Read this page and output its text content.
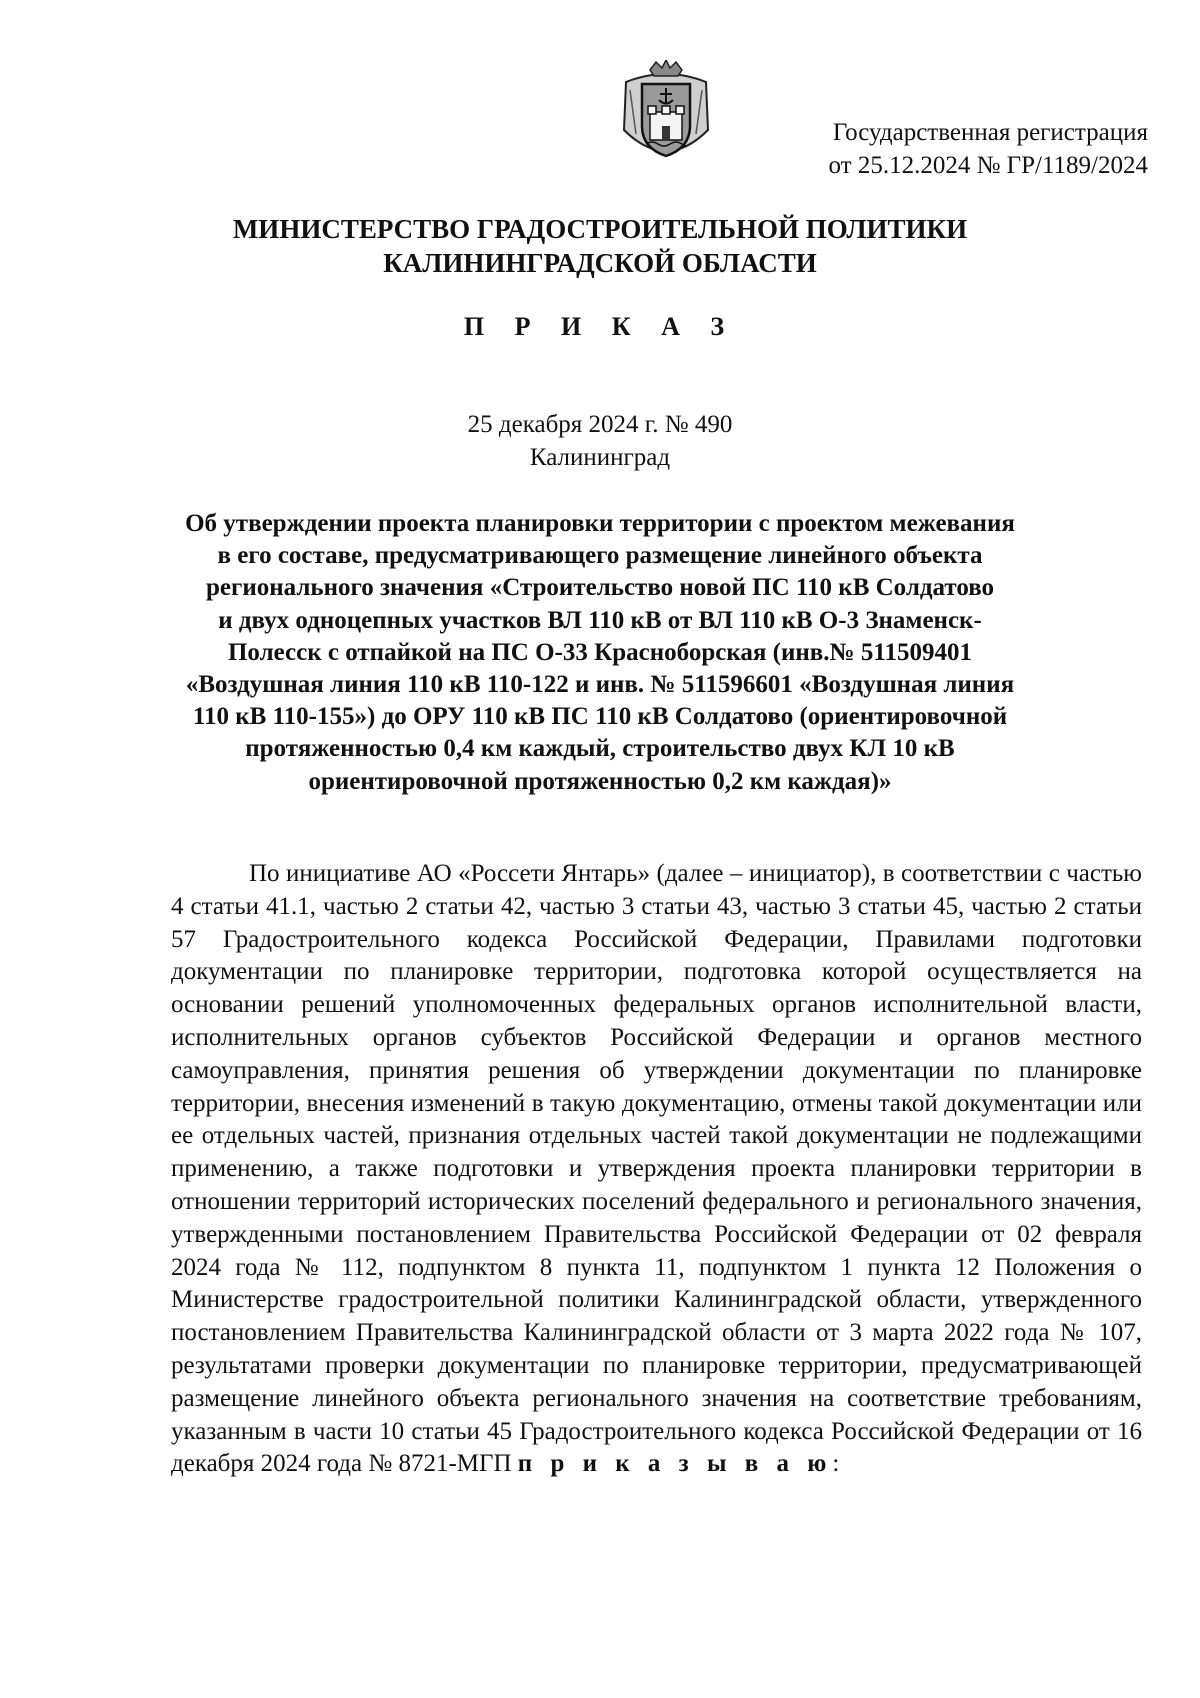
Государственная регистрация
от 25.12.2024 № ГР/1189/2024
МИНИСТЕРСТВО ГРАДОСТРОИТЕЛЬНОЙ ПОЛИТИКИ
КАЛИНИНГРАДСКОЙ ОБЛАСТИ
П Р И К А З
25 декабря 2024 г. № 490
Калининград
Об утверждении проекта планировки территории с проектом межевания
в его составе, предусматривающего размещение линейного объекта
регионального значения «Строительство новой ПС 110 кВ Солдатово
и двух одноцепных участков ВЛ 110 кВ от ВЛ 110 кВ О-3 Знаменск-
Полесск с отпайкой на ПС О-33 Красноборская (инв.№ 511509401
«Воздушная линия 110 кВ 110-122 и инв. № 511596601 «Воздушная линия
110 кВ 110-155») до ОРУ 110 кВ ПС 110 кВ Солдатово (ориентировочной
протяженностью 0,4 км каждый, строительство двух КЛ 10 кВ
ориентировочной протяженностью 0,2 км каждая)»

По инициативе АО «Россети Янтарь» (далее – инициатор), в соответствии с частью 4 статьи 41.1, частью 2 статьи 42, частью 3 статьи 43, частью 3 статьи 45, частью 2 статьи 57 Градостроительного кодекса Российской Федерации, Правилами подготовки документации по планировке территории, подготовка которой осуществляется на основании решений уполномоченных федеральных органов исполнительной власти, исполнительных органов субъектов Российской Федерации и органов местного самоуправления, принятия решения об утверждении документации по планировке территории, внесения изменений в такую документацию, отмены такой документации или ее отдельных частей, признания отдельных частей такой документации не подлежащими применению, а также подготовки и утверждения проекта планировки территории в отношении территорий исторических поселений федерального и регионального значения, утвержденными постановлением Правительства Российской Федерации от 02 февраля 2024 года № 112, подпунктом 8 пункта 11, подпунктом 1 пункта 12 Положения о Министерстве градостроительной политики Калининградской области, утвержденного постановлением Правительства Калининградской области от 3 марта 2022 года № 107, результатами проверки документации по планировке территории, предусматривающей размещение линейного объекта регионального значения на соответствие требованиям, указанным в части 10 статьи 45 Градостроительного кодекса Российской Федерации от 16 декабря 2024 года № 8721-МГП п р и к а з ы в а ю:
